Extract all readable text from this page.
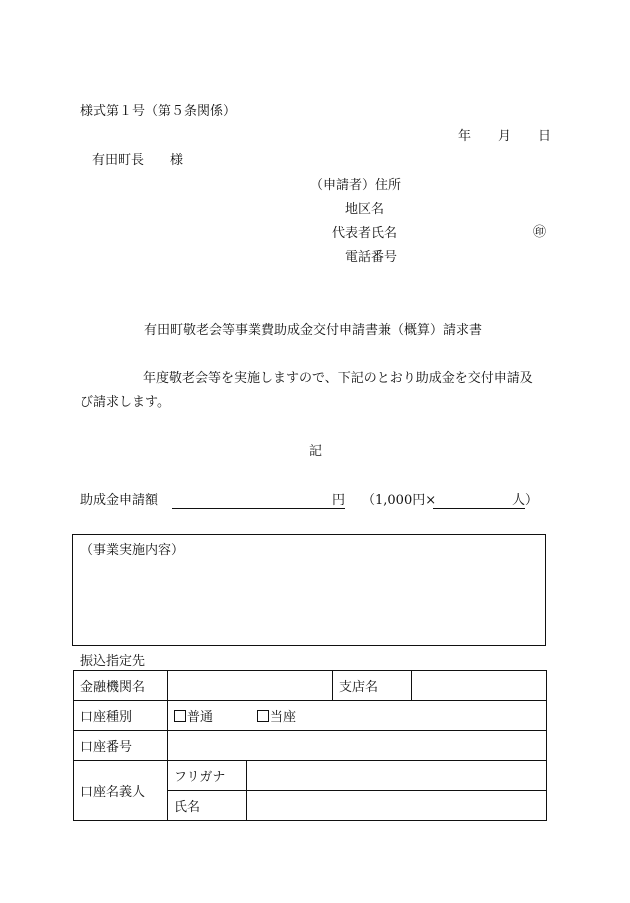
様式第１号（第５条関係）
年 月 日
有田町長 様
（申請者）住所
地区名
代表者氏名	㊞
電話番号
有田町敬老会等事業費助成金交付申請書兼（概算）請求書
年度敬老会等を実施しますので、下記のとおり助成金を交付申請及
び請求します。
記
助成金申請額	円 （1,000円×	人）
（事業実施内容）
振込指定先
金融機関名			支店名	
口座種別	普通 当座			
口座番号				
口座名義人	フリガナ			
	氏名			
